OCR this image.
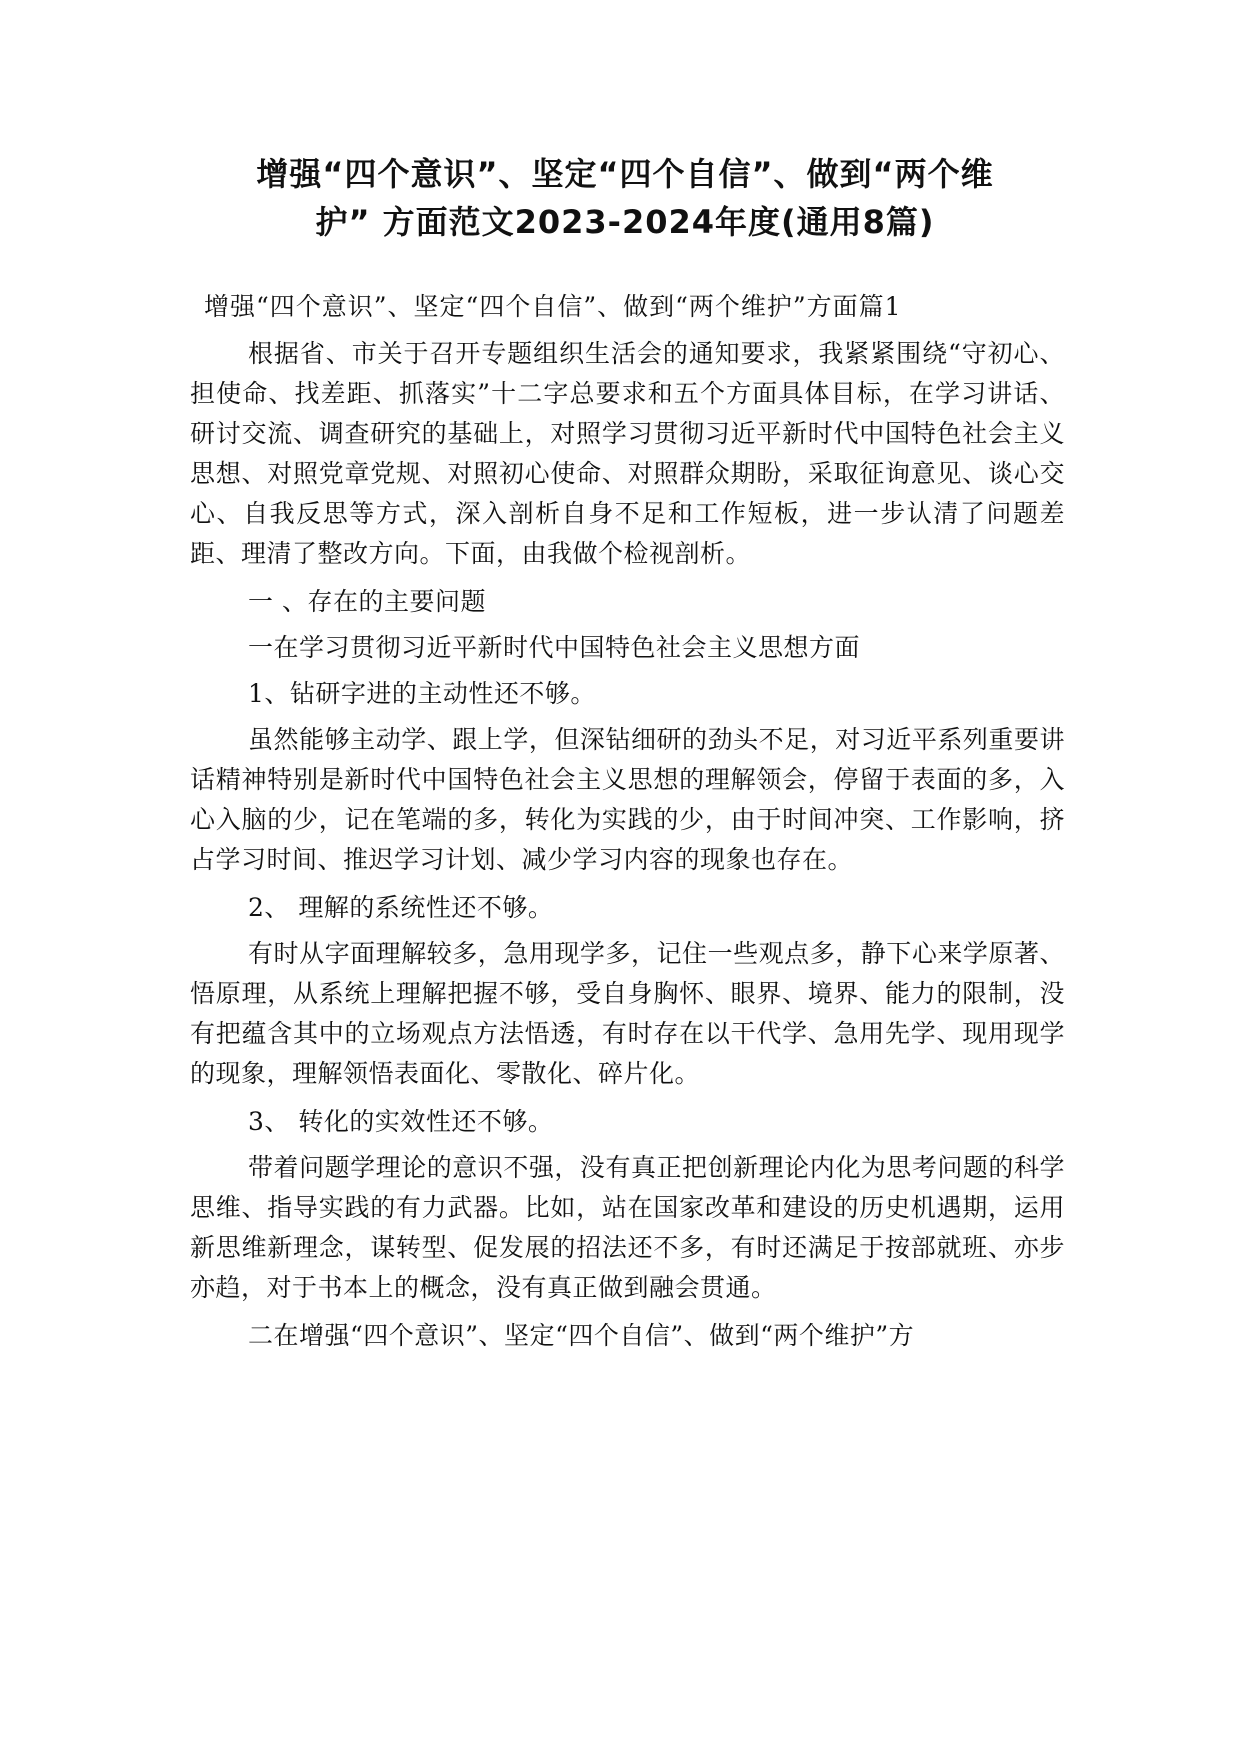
增强“四个意识”、坚定“四个自信”、做到“两个维
护” 方面范文2023-2024年度(通用8篇)

增强“四个意识”、坚定“四个自信”、做到“两个维护”方面篇1

根据省、市关于召开专题组织生活会的通知要求，我紧紧围绕“守初心、担使命、找差距、抓落实”十二字总要求和五个方面具体目标，在学习讲话、研讨交流、调查研究的基础上，对照学习贯彻习近平新时代中国特色社会主义思想、对照党章党规、对照初心使命、对照群众期盼，采取征询意见、谈心交心、自我反思等方式，深入剖析自身不足和工作短板，进一步认清了问题差距、理清了整改方向。下面，由我做个检视剖析。

一 、存在的主要问题

一在学习贯彻习近平新时代中国特色社会主义思想方面

1、钻研字进的主动性还不够。

虽然能够主动学、跟上学，但深钻细研的劲头不足，对习近平系列重要讲话精神特别是新时代中国特色社会主义思想的理解领会，停留于表面的多，入心入脑的少，记在笔端的多，转化为实践的少，由于时间冲突、工作影响，挤占学习时间、推迟学习计划、减少学习内容的现象也存在。

2、 理解的系统性还不够。

有时从字面理解较多，急用现学多，记住一些观点多，静下心来学原著、悟原理，从系统上理解把握不够，受自身胸怀、眼界、境界、能力的限制，没有把蕴含其中的立场观点方法悟透，有时存在以干代学、急用先学、现用现学的现象，理解领悟表面化、零散化、碎片化。

3、 转化的实效性还不够。

带着问题学理论的意识不强，没有真正把创新理论内化为思考问题的科学思维、指导实践的有力武器。比如，站在国家改革和建设的历史机遇期，运用新思维新理念，谋转型、促发展的招法还不多，有时还满足于按部就班、亦步亦趋，对于书本上的概念，没有真正做到融会贯通。

二在增强“四个意识”、坚定“四个自信”、做到“两个维护”方
